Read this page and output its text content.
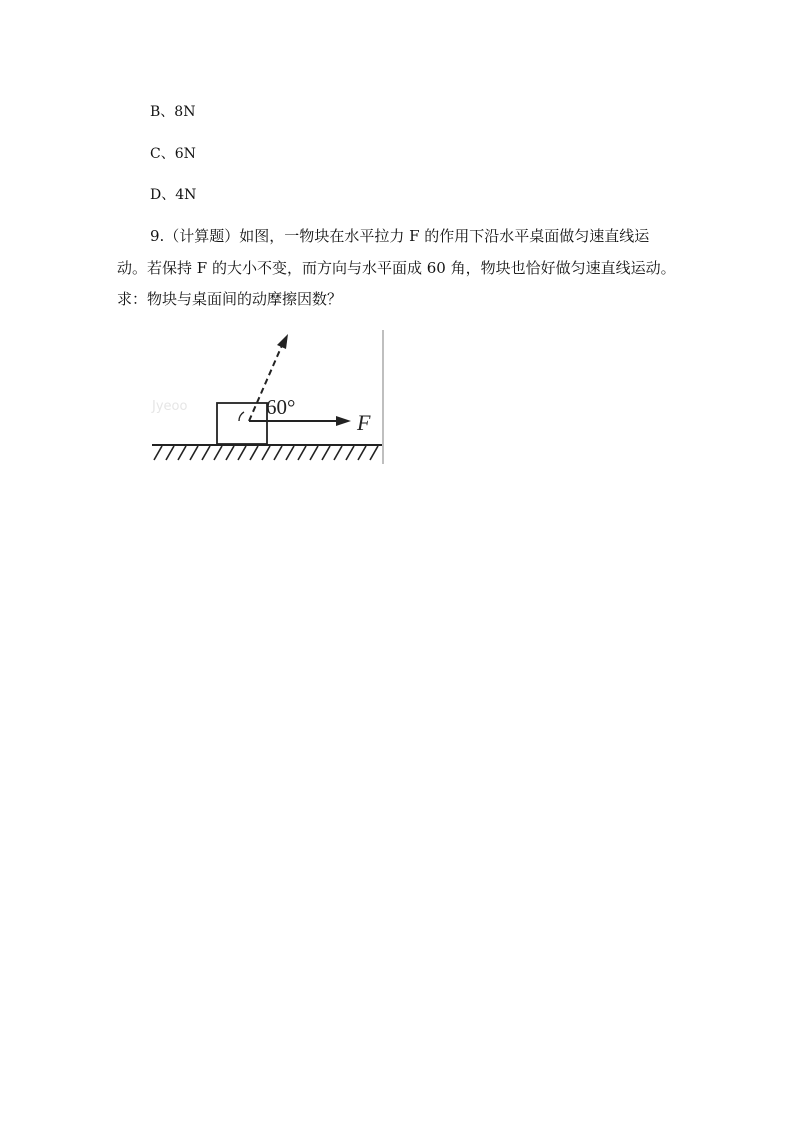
B、8N
C、6N
D、4N
9.（计算题）如图，一物块在水平拉力 F 的作用下沿水平桌面做匀速直线运
动。若保持 F 的大小不变，而方向与水平面成 60 角，物块也恰好做匀速直线运动。
求：物块与桌面间的动摩擦因数？
Jyeoo	60°
F
